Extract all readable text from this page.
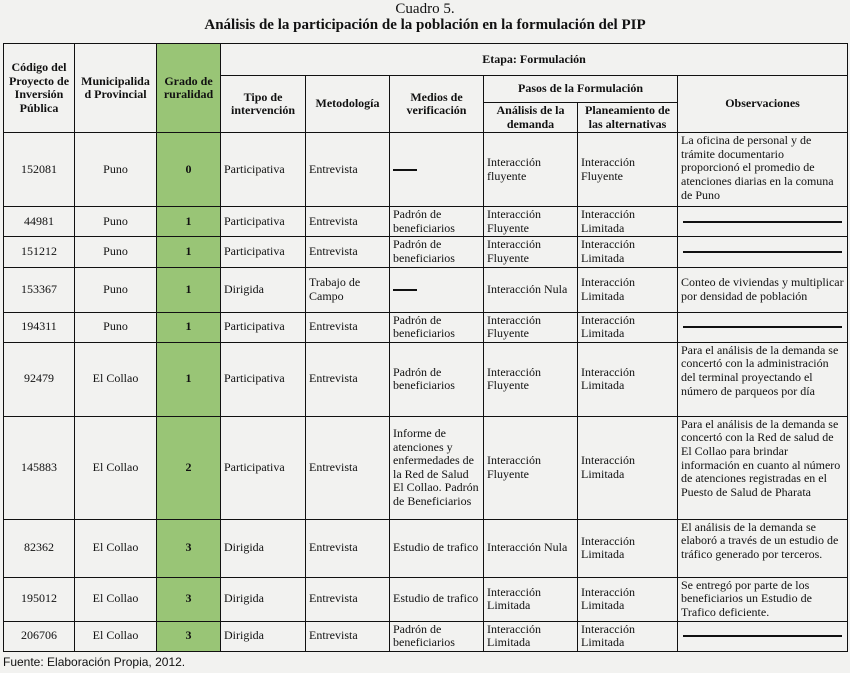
Cuadro 5.
Análisis de la participación de la población en la formulación del PIP
Código del Proyecto de Inversión Pública	Municipalida d Provincial	Grado de ruralidad	Etapa: Formulación					
			Tipo de intervención	Metodología	Medios de verificación	Pasos de la Formulación		Observaciones
						Análisis de la demanda	Planeamiento de las alternativas	
152081	Puno	0	Participativa	Entrevista		Interacción fluyente	Interacción Fluyente	La oficina de personal y de trámite documentario proporcionó el promedio de atenciones diarias en la comuna de Puno
44981	Puno	1	Participativa	Entrevista	Padrón de beneficiarios	Interacción Fluyente	Interacción Limitada	

151212	Puno	1	Participativa	Entrevista	Padrón de beneficiarios	Interacción Fluyente	Interacción Limitada	

153367	Puno	1	Dirigida	Trabajo de Campo		Interacción Nula	Interacción Limitada	Conteo de viviendas y multiplicar por densidad de población
194311	Puno	1	Participativa	Entrevista	Padrón de beneficiarios	Interacción Fluyente	Interacción Limitada	

92479	El Collao	1	Participativa	Entrevista	Padrón de beneficiarios	Interacción Fluyente	Interacción Limitada	Para el análisis de la demanda se concertó con la administración del terminal proyectando el número de parqueos por día
145883	El Collao	2	Participativa	Entrevista	Informe de atenciones y enfermedades de la Red de Salud El Collao. Padrón de Beneficiarios	Interacción Fluyente	Interacción Limitada	Para el análisis de la demanda se concertó con la Red de salud de El Collao para brindar información en cuanto al número de atenciones registradas en el Puesto de Salud de Pharata
82362	El Collao	3	Dirigida	Entrevista	Estudio de trafico	Interacción Nula	Interacción Limitada	El análisis de la demanda se elaboró a través de un estudio de tráfico generado por terceros.
195012	El Collao	3	Dirigida	Entrevista	Estudio de trafico	Interacción Limitada	Interacción Limitada	Se entregó por parte de los beneficiarios un Estudio de Trafico deficiente.
206706	El Collao	3	Dirigida	Entrevista	Padrón de beneficiarios	Interacción Limitada	Interacción Limitada	
Fuente: Elaboración Propia, 2012.
